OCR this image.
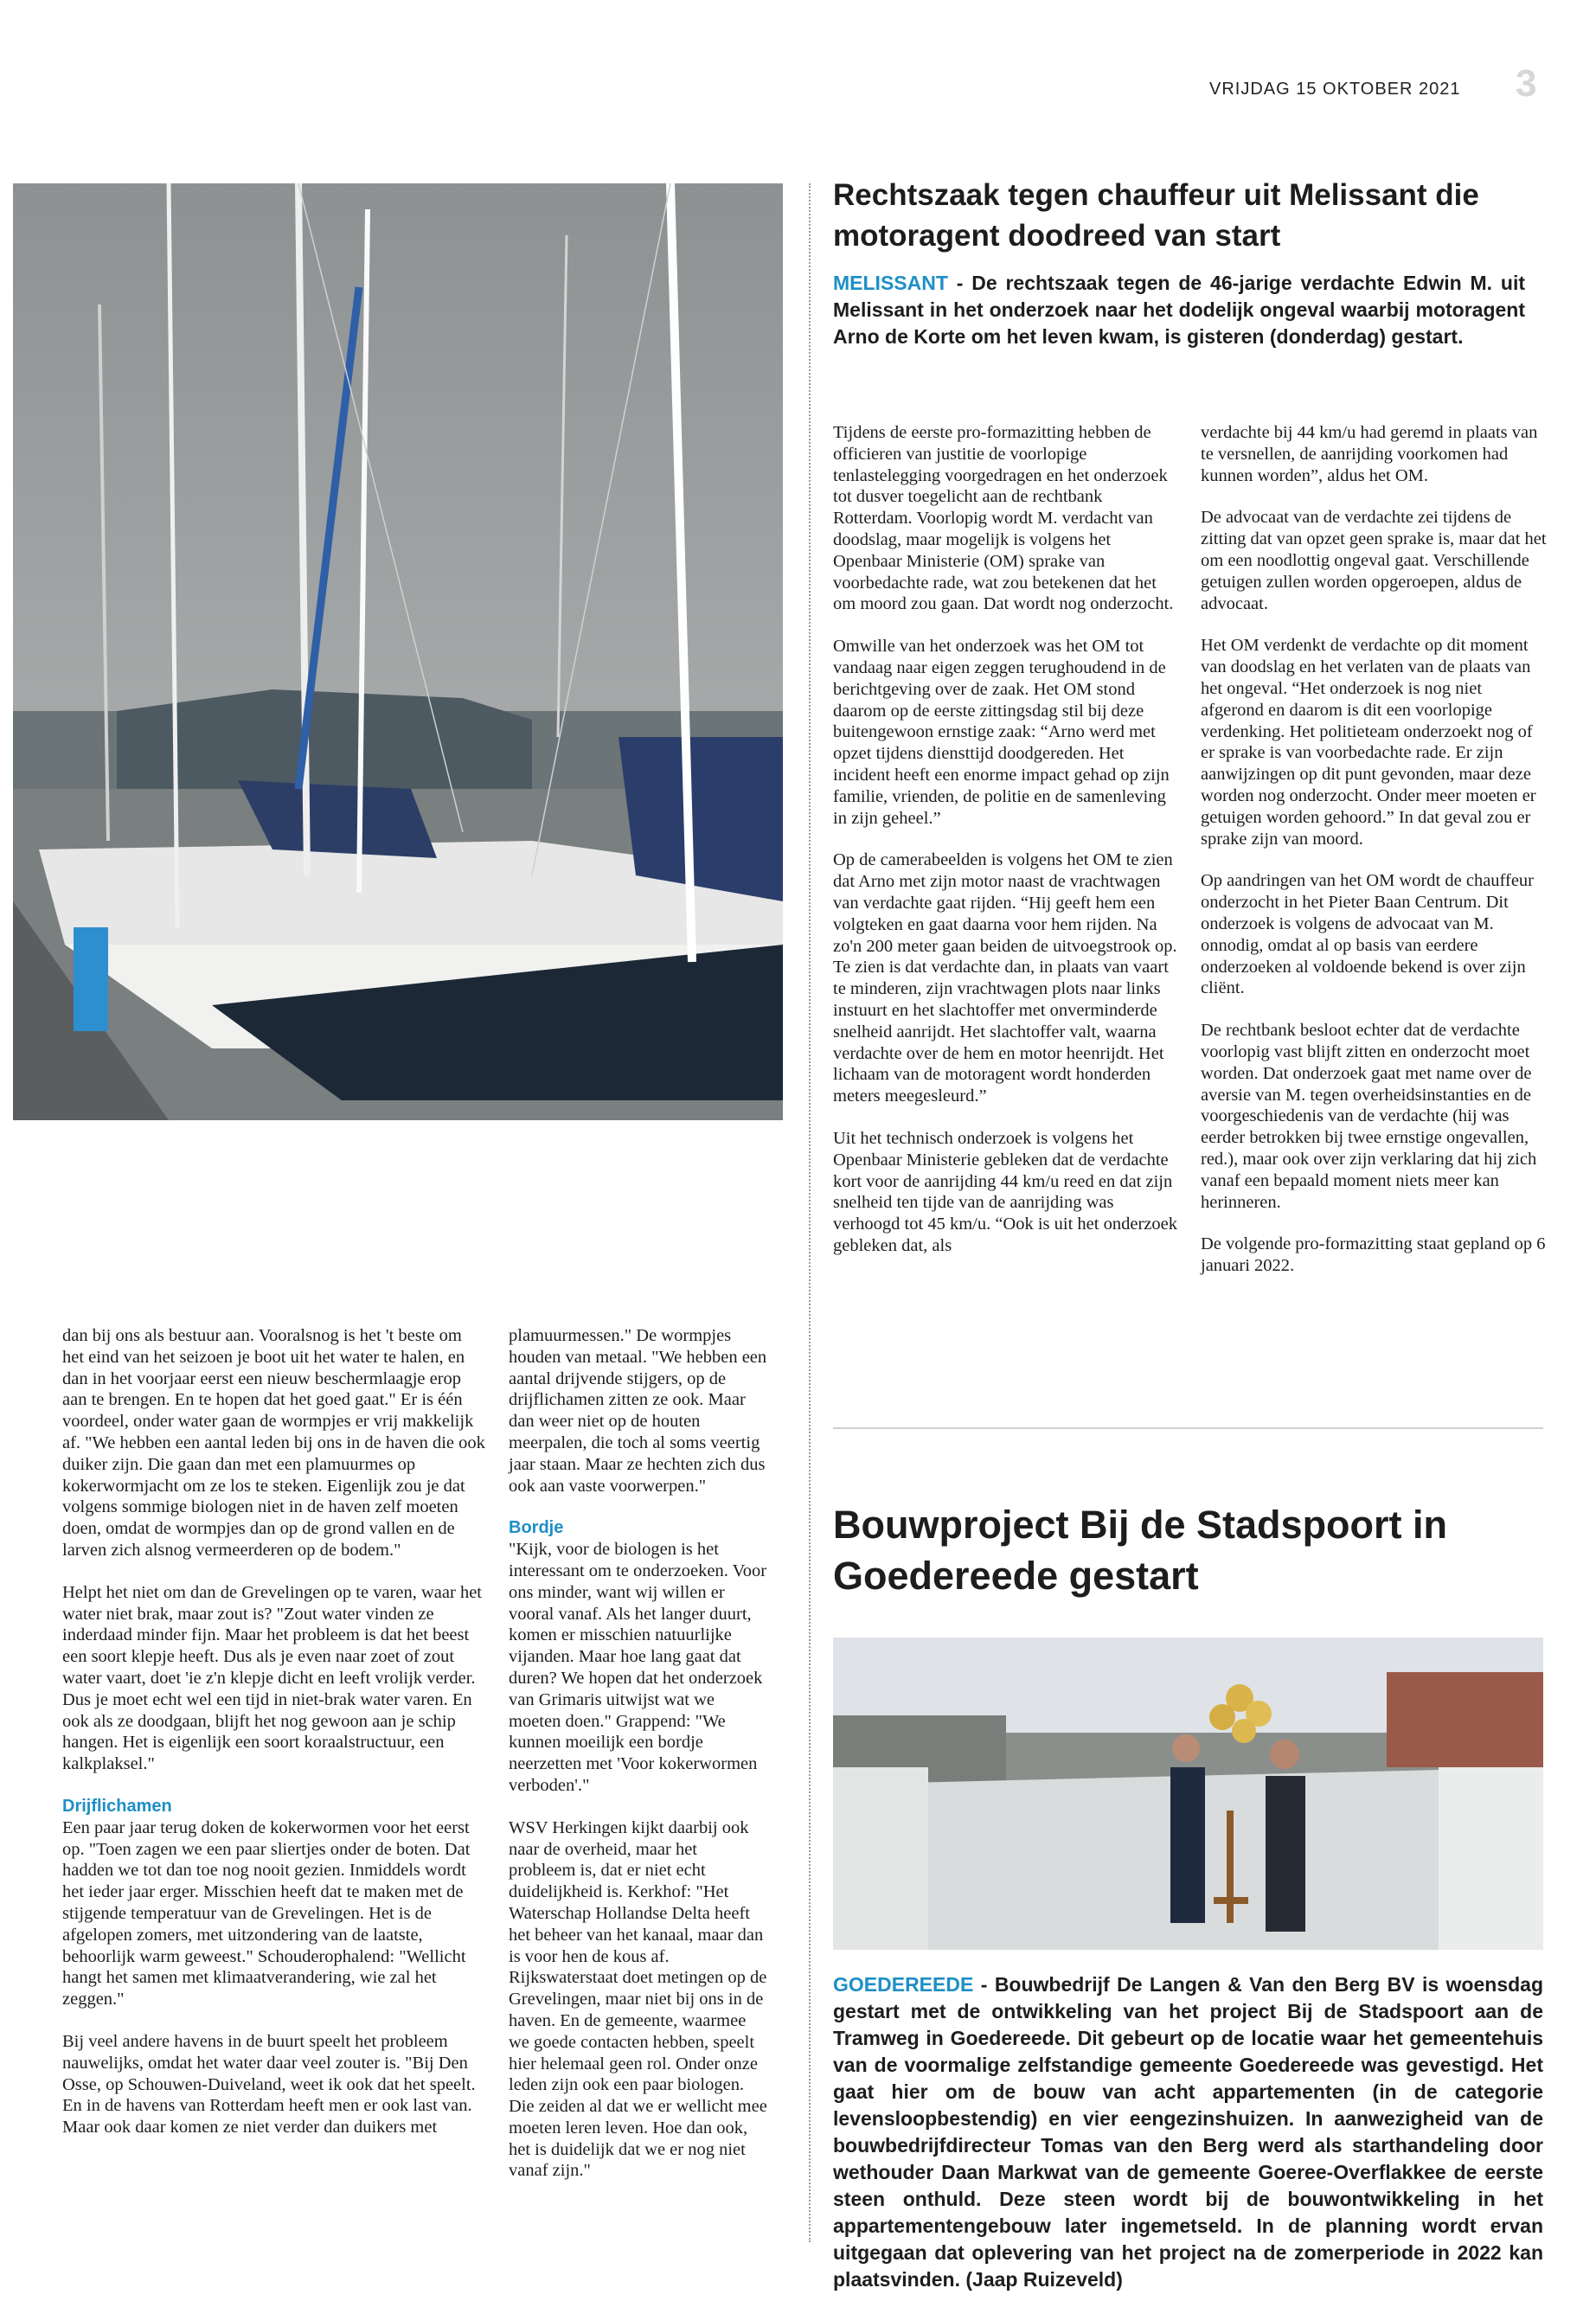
VRIJDAG 15 OKTOBER 2021 3
Rechtszaak tegen chauffeur uit Melissant die motoragent doodreed van start
MELISSANT - De rechtszaak tegen de 46-jarige verdachte Edwin M. uit Melissant in het onderzoek naar het dodelijk ongeval waarbij motoragent Arno de Korte om het leven kwam, is gisteren (donderdag) gestart.

Tijdens de eerste pro-formazitting hebben de officieren van justitie de voorlopige tenlastelegging voorgedragen en het onderzoek tot dusver toegelicht aan de rechtbank Rotterdam. Voorlopig wordt M. verdacht van doodslag, maar mogelijk is volgens het Openbaar Ministerie (OM) sprake van voorbedachte rade, wat zou betekenen dat het om moord zou gaan. Dat wordt nog onderzocht.

Omwille van het onderzoek was het OM tot vandaag naar eigen zeggen terughoudend in de berichtgeving over de zaak. Het OM stond daarom op de eerste zittingsdag stil bij deze buitengewoon ernstige zaak: “Arno werd met opzet tijdens diensttijd doodgereden. Het incident heeft een enorme impact gehad op zijn familie, vrienden, de politie en de samenleving in zijn geheel.”

Op de camerabeelden is volgens het OM te zien dat Arno met zijn motor naast de vrachtwagen van verdachte gaat rijden. “Hij geeft hem een volgteken en gaat daarna voor hem rijden. Na zo'n 200 meter gaan beiden de uitvoegstrook op. Te zien is dat verdachte dan, in plaats van vaart te minderen, zijn vrachtwagen plots naar links instuurt en het slachtoffer met onverminderde snelheid aanrijdt. Het slachtoffer valt, waarna verdachte over de hem en motor heenrijdt. Het lichaam van de motoragent wordt honderden meters meegesleurd.”

Uit het technisch onderzoek is volgens het Openbaar Ministerie gebleken dat de verdachte kort voor de aanrijding 44 km/u reed en dat zijn snelheid ten tijde van de aanrijding was verhoogd tot 45 km/u. “Ook is uit het onderzoek gebleken dat, als

verdachte bij 44 km/u had geremd in plaats van te versnellen, de aanrijding voorkomen had kunnen worden”, aldus het OM.

De advocaat van de verdachte zei tijdens de zitting dat van opzet geen sprake is, maar dat het om een noodlottig ongeval gaat. Verschillende getuigen zullen worden opgeroepen, aldus de advocaat.

Het OM verdenkt de verdachte op dit moment van doodslag en het verlaten van de plaats van het ongeval. “Het onderzoek is nog niet afgerond en daarom is dit een voorlopige verdenking. Het politieteam onderzoekt nog of er sprake is van voorbedachte rade. Er zijn aanwijzingen op dit punt gevonden, maar deze worden nog onderzocht. Onder meer moeten er getuigen worden gehoord.” In dat geval zou er sprake zijn van moord.

Op aandringen van het OM wordt de chauffeur onderzocht in het Pieter Baan Centrum. Dit onderzoek is volgens de advocaat van M. onnodig, omdat al op basis van eerdere onderzoeken al voldoende bekend is over zijn cliënt.

De rechtbank besloot echter dat de verdachte voorlopig vast blijft zitten en onderzocht moet worden. Dat onderzoek gaat met name over de aversie van M. tegen overheidsinstanties en de voorgeschiedenis van de verdachte (hij was eerder betrokken bij twee ernstige ongevallen, red.), maar ook over zijn verklaring dat hij zich vanaf een bepaald moment niets meer kan herinneren.

De volgende pro-formazitting staat gepland op 6 januari 2022.

dan bij ons als bestuur aan. Vooralsnog is het 't beste om het eind van het seizoen je boot uit het water te halen, en dan in het voorjaar eerst een nieuw beschermlaagje erop aan te brengen. En te hopen dat het goed gaat." Er is één voordeel, onder water gaan de wormpjes er vrij makkelijk af. "We hebben een aantal leden bij ons in de haven die ook duiker zijn. Die gaan dan met een plamuurmes op kokerwormjacht om ze los te steken. Eigenlijk zou je dat volgens sommige biologen niet in de haven zelf moeten doen, omdat de wormpjes dan op de grond vallen en de larven zich alsnog vermeerderen op de bodem."

Helpt het niet om dan de Grevelingen op te varen, waar het water niet brak, maar zout is? "Zout water vinden ze inderdaad minder fijn. Maar het probleem is dat het beest een soort klepje heeft. Dus als je even naar zoet of zout water vaart, doet 'ie z'n klepje dicht en leeft vrolijk verder. Dus je moet echt wel een tijd in niet-brak water varen. En ook als ze doodgaan, blijft het nog gewoon aan je schip hangen. Het is eigenlijk een soort koraalstructuur, een kalkplaksel."

Drijflichamen

Een paar jaar terug doken de kokerwormen voor het eerst op. "Toen zagen we een paar sliertjes onder de boten. Dat hadden we tot dan toe nog nooit gezien. Inmiddels wordt het ieder jaar erger. Misschien heeft dat te maken met de stijgende temperatuur van de Grevelingen. Het is de afgelopen zomers, met uitzondering van de laatste, behoorlijk warm geweest." Schouderophalend: "Wellicht hangt het samen met klimaatverandering, wie zal het zeggen."

Bij veel andere havens in de buurt speelt het probleem nauwelijks, omdat het water daar veel zouter is. "Bij Den Osse, op Schouwen-Duiveland, weet ik ook dat het speelt. En in de havens van Rotterdam heeft men er ook last van. Maar ook daar komen ze niet verder dan duikers met

plamuurmessen." De wormpjes houden van metaal. "We hebben een aantal drijvende stijgers, op de drijflichamen zitten ze ook. Maar dan weer niet op de houten meerpalen, die toch al soms veertig jaar staan. Maar ze hechten zich dus ook aan vaste voorwerpen."

Bordje

"Kijk, voor de biologen is het interessant om te onderzoeken. Voor ons minder, want wij willen er vooral vanaf. Als het langer duurt, komen er misschien natuurlijke vijanden. Maar hoe lang gaat dat duren? We hopen dat het onderzoek van Grimaris uitwijst wat we moeten doen." Grappend: "We kunnen moeilijk een bordje neerzetten met 'Voor kokerwormen verboden'."

WSV Herkingen kijkt daarbij ook naar de overheid, maar het probleem is, dat er niet echt duidelijkheid is. Kerkhof: "Het Waterschap Hollandse Delta heeft het beheer van het kanaal, maar dan is voor hen de kous af. Rijkswaterstaat doet metingen op de Grevelingen, maar niet bij ons in de haven. En de gemeente, waarmee we goede contacten hebben, speelt hier helemaal geen rol. Onder onze leden zijn ook een paar biologen. Die zeiden al dat we er wellicht mee moeten leren leven. Hoe dan ook, het is duidelijk dat we er nog niet vanaf zijn."

Bouwproject Bij de Stadspoort in Goedereede gestart
GOEDEREEDE - Bouwbedrijf De Langen & Van den Berg BV is woensdag gestart met de ontwikkeling van het project Bij de Stadspoort aan de Tramweg in Goedereede. Dit gebeurt op de locatie waar het gemeentehuis van de voormalige zelfstandige gemeente Goedereede was gevestigd. Het gaat hier om de bouw van acht appartementen (in de categorie levensloopbestendig) en vier eengezinshuizen. In aanwezigheid van de bouwbedrijfdirecteur Tomas van den Berg werd als starthandeling door wethouder Daan Markwat van de gemeente Goeree-Overflakkee de eerste steen onthuld. Deze steen wordt bij de bouwontwikkeling in het appartementengebouw later ingemetseld. In de planning wordt ervan uitgegaan dat oplevering van het project na de zomerperiode in 2022 kan plaatsvinden. (Jaap Ruizeveld)
